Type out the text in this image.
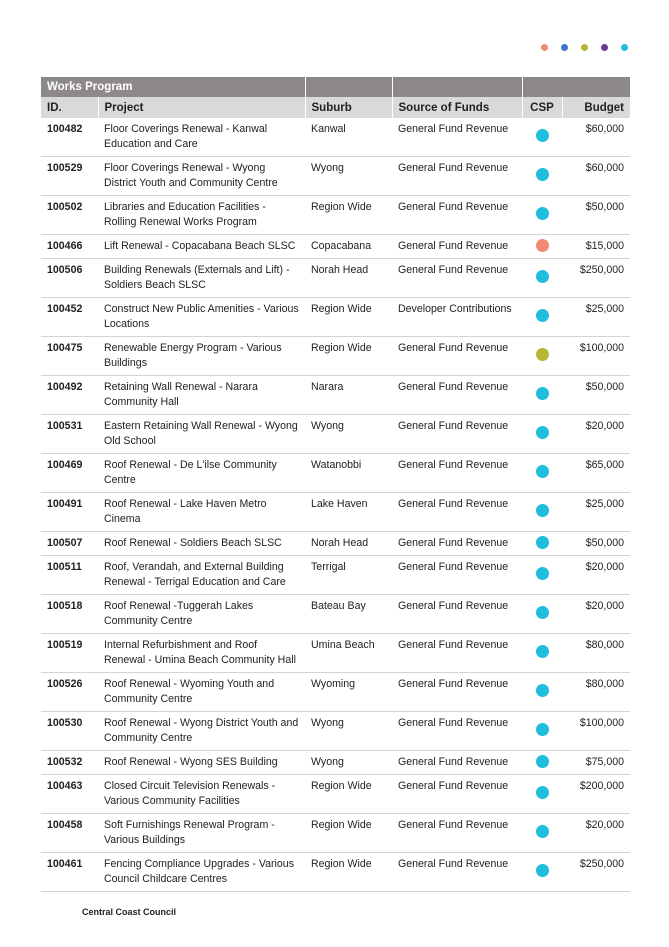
Works Program					
ID.	Project	Suburb	Source of Funds	CSP	Budget
100482	Floor Coverings Renewal - Kanwal Education and Care	Kanwal	General Fund Revenue		$60,000
100529	Floor Coverings Renewal - Wyong District Youth and Community Centre	Wyong	General Fund Revenue		$60,000
100502	Libraries and Education Facilities - Rolling Renewal Works Program	Region Wide	General Fund Revenue		$50,000
100466	Lift Renewal - Copacabana Beach SLSC	Copacabana	General Fund Revenue		$15,000
100506	Building Renewals (Externals and Lift) - Soldiers Beach SLSC	Norah Head	General Fund Revenue		$250,000
100452	Construct New Public Amenities - Various Locations	Region Wide	Developer Contributions		$25,000
100475	Renewable Energy Program - Various Buildings	Region Wide	General Fund Revenue		$100,000
100492	Retaining Wall Renewal - Narara Community Hall	Narara	General Fund Revenue		$50,000
100531	Eastern Retaining Wall Renewal - Wyong Old School	Wyong	General Fund Revenue		$20,000
100469	Roof Renewal - De L'ilse Community Centre	Watanobbi	General Fund Revenue		$65,000
100491	Roof Renewal - Lake Haven Metro Cinema	Lake Haven	General Fund Revenue		$25,000
100507	Roof Renewal - Soldiers Beach SLSC	Norah Head	General Fund Revenue		$50,000
100511	Roof, Verandah, and External Building Renewal - Terrigal Education and Care	Terrigal	General Fund Revenue		$20,000
100518	Roof Renewal -Tuggerah Lakes Community Centre	Bateau Bay	General Fund Revenue		$20,000
100519	Internal Refurbishment and Roof Renewal - Umina Beach Community Hall	Umina Beach	General Fund Revenue		$80,000
100526	Roof Renewal - Wyoming Youth and Community Centre	Wyoming	General Fund Revenue		$80,000
100530	Roof Renewal - Wyong District Youth and Community Centre	Wyong	General Fund Revenue		$100,000
100532	Roof Renewal - Wyong SES Building	Wyong	General Fund Revenue		$75,000
100463	Closed Circuit Television Renewals - Various Community Facilities	Region Wide	General Fund Revenue		$200,000
100458	Soft Furnishings Renewal Program - Various Buildings	Region Wide	General Fund Revenue		$20,000
100461	Fencing Compliance Upgrades - Various Council Childcare Centres	Region Wide	General Fund Revenue		$250,000
Central Coast Council
